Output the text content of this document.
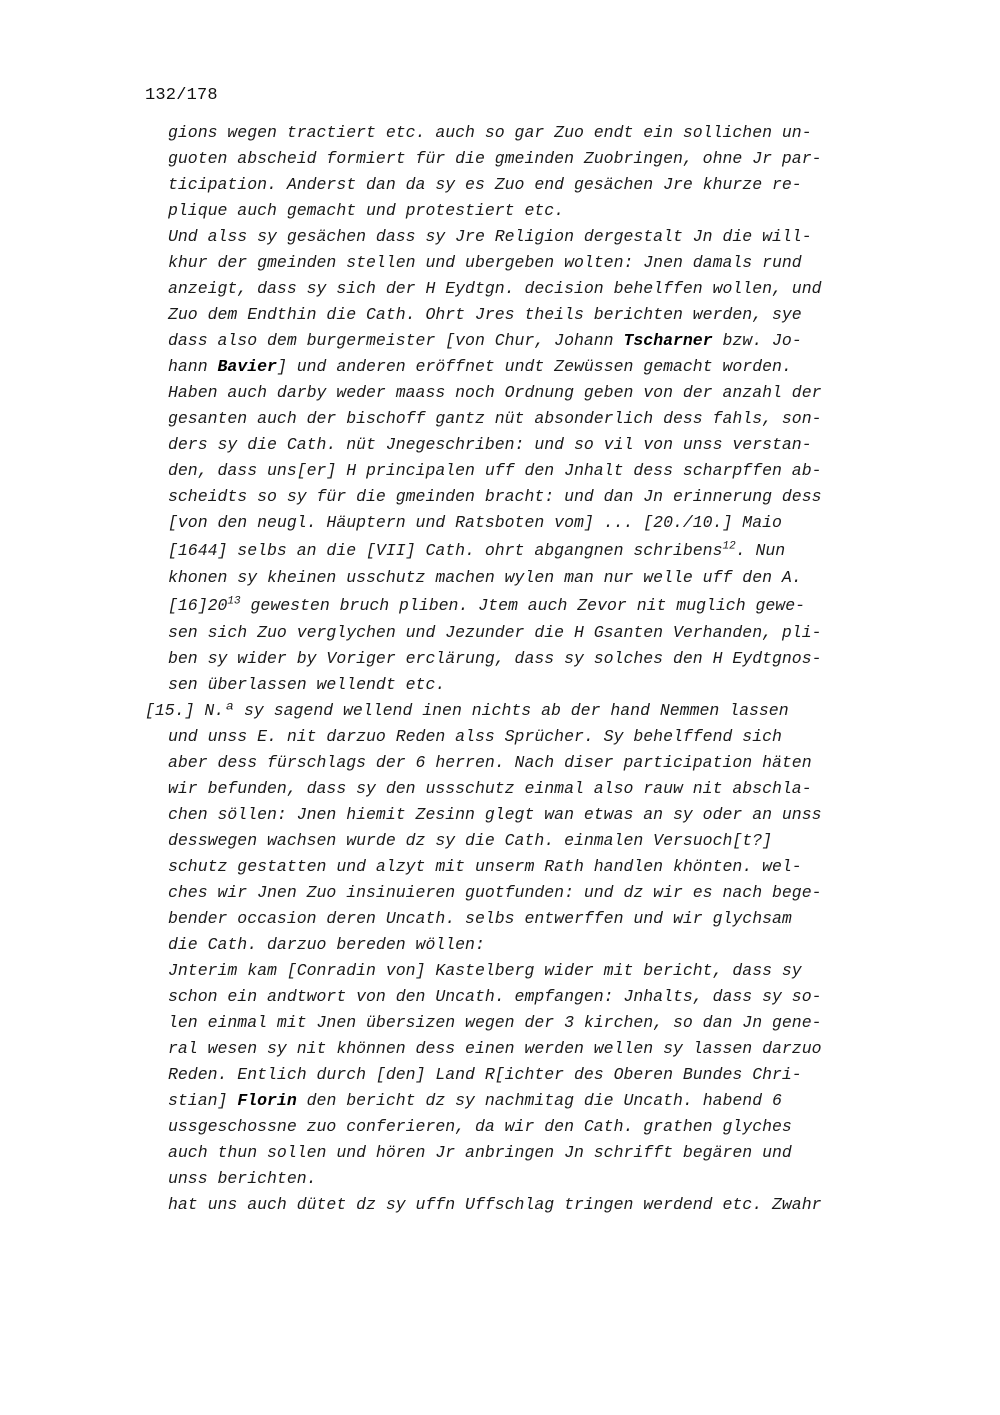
132/178
gions wegen tractiert etc. auch so gar Zuo endt ein sollichen un-
guoten abscheid formiert für die gmeinden Zuobringen, ohne Jr par-
ticipation. Anderst dan da sy es Zuo end gesächen Jre khurze re-
plique auch gemacht und protestiert etc.
Und alss sy gesächen dass sy Jre Religion dergestalt Jn die will-
khur der gmeinden stellen und ubergeben wolten: Jnen damals rund
anzeigt, dass sy sich der H Eydtgn. decision behelffen wollen, und
Zuo dem Endthin die Cath. Ohrt Jres theils berichten werden, sye
dass also dem burgermeister [von Chur, Johann Tscharner bzw. Jo-
hann Bavier] und anderen eröffnet undt Zewüssen gemacht worden.
Haben auch darby weder maass noch Ordnung geben von der anzahl der
gesanten auch der bischoff gantz nüt absonderlich dess fahls, son-
ders sy die Cath. nüt Jnegeschriben: und so vil von unss verstan-
den, dass uns[er] H principalen uff den Jnhalt dess scharpffen ab-
scheidts so sy für die gmeinden bracht: und dan Jn erinnerung dess
[von den neugl. Häuptern und Ratsboten vom] ... [20./10.] Maio
[1644] selbs an die [VII] Cath. ohrt abgangnen schribens$^{12}$. Nun
khonen sy kheinen usschutz machen wylen man nur welle uff den A.
$[16]20^{13}$ gewesten bruch pliben. Jtem auch Zevor nit muglich gewe-
sen sich Zuo verglychen und Jezunder die H Gsanten Verhanden, pli-
ben sy wider by Voriger erclärung, dass sy solches den H Eydtgnos-
sen überlassen wellendt etc.
[15.] N.ª sy sagend wellend inen nichts ab der hand Nemmen lassen
und unss E. nit darzuo Reden alss Sprücher. Sy behelffend sich
aber dess fürschlags der 6 herren. Nach diser participation häten
wir befunden, dass sy den ussschutz einmal also rauw nit abschla-
chen söllen: Jnen hiemit Zesinn glegt wan etwas an sy oder an unss
desswegen wachsen wurde dz sy die Cath. einmalen Versuoch[t?]
schutz gestatten und alzyt mit unserm Rath handlen khönten. wel-
ches wir Jnen Zuo insinuieren guotfunden: und dz wir es nach bege-
bender occasion deren Uncath. selbs entwerffen und wir glychsam
die Cath. darzuo bereden wöllen:
Jnterim kam [Conradin von] Kastelberg wider mit bericht, dass sy
schon ein andtwort von den Uncath. empfangen: Jnhalts, dass sy so-
len einmal mit Jnen übersizen wegen der 3 kirchen, so dan Jn gene-
ral wesen sy nit khönnen dess einen werden wellen sy lassen darzuo
Reden. Entlich durch [den] Land R[ichter des Oberen Bundes Chri-
stian] Florin den bericht dz sy nachmitag die Uncath. habend 6
ussgeschossne zuo conferieren, da wir den Cath. grathen glyches
auch thun sollen und hören Jr anbringen Jn schrifft begären und
unss berichten.
hat uns auch dütet dz sy uffn Uffschlag tringen werdend etc. Zwahr
